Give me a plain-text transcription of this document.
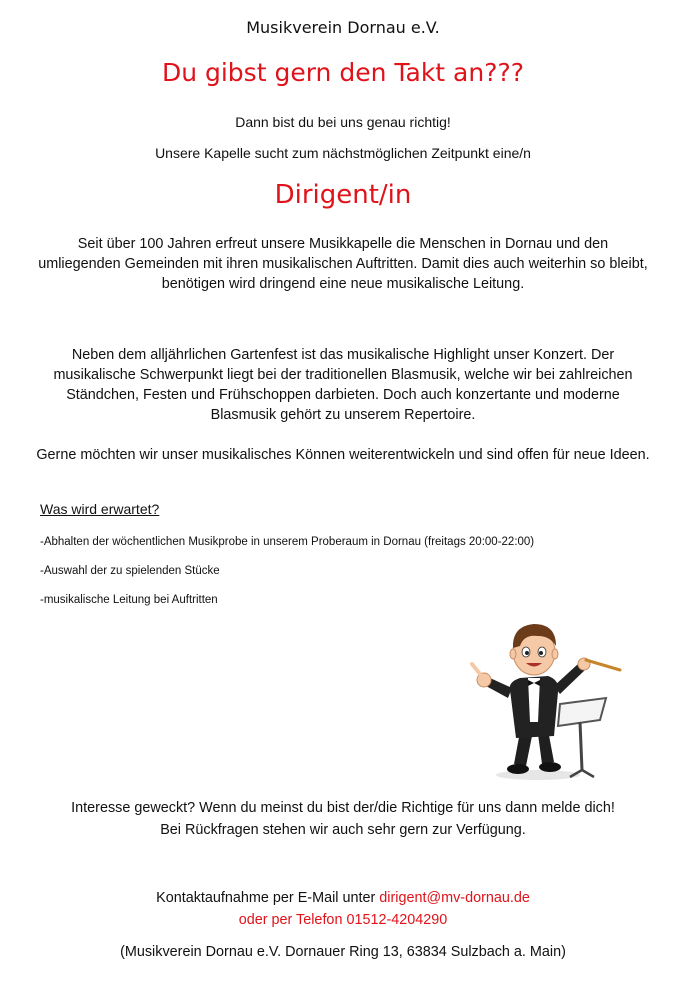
Musikverein Dornau e.V.
Du gibst gern den Takt an???
Dann bist du bei uns genau richtig!
Unsere Kapelle sucht zum nächstmöglichen Zeitpunkt eine/n
Dirigent/in
Seit über 100 Jahren erfreut unsere Musikkapelle die Menschen in Dornau und den umliegenden Gemeinden mit ihren musikalischen Auftritten. Damit dies auch weiterhin so bleibt, benötigen wird dringend eine neue musikalische Leitung.
Neben dem alljährlichen Gartenfest ist das musikalische Highlight unser Konzert. Der musikalische Schwerpunkt liegt bei der traditionellen Blasmusik, welche wir bei zahlreichen Ständchen, Festen und Frühschoppen darbieten. Doch auch konzertante und moderne Blasmusik gehört zu unserem Repertoire.
Gerne möchten wir unser musikalisches Können weiterentwickeln und sind offen für neue Ideen.
Was wird erwartet?
-Abhalten der wöchentlichen Musikprobe in unserem Proberaum in Dornau (freitags 20:00-22:00)
-Auswahl der zu spielenden Stücke
-musikalische Leitung bei Auftritten
Interesse geweckt? Wenn du meinst du bist der/die Richtige für uns dann melde dich!
Bei Rückfragen stehen wir auch sehr gern zur Verfügung.
Kontaktaufnahme per E-Mail unter dirigent@mv-dornau.de
oder per Telefon 01512-4204290
(Musikverein Dornau e.V. Dornauer Ring 13, 63834 Sulzbach a. Main)
